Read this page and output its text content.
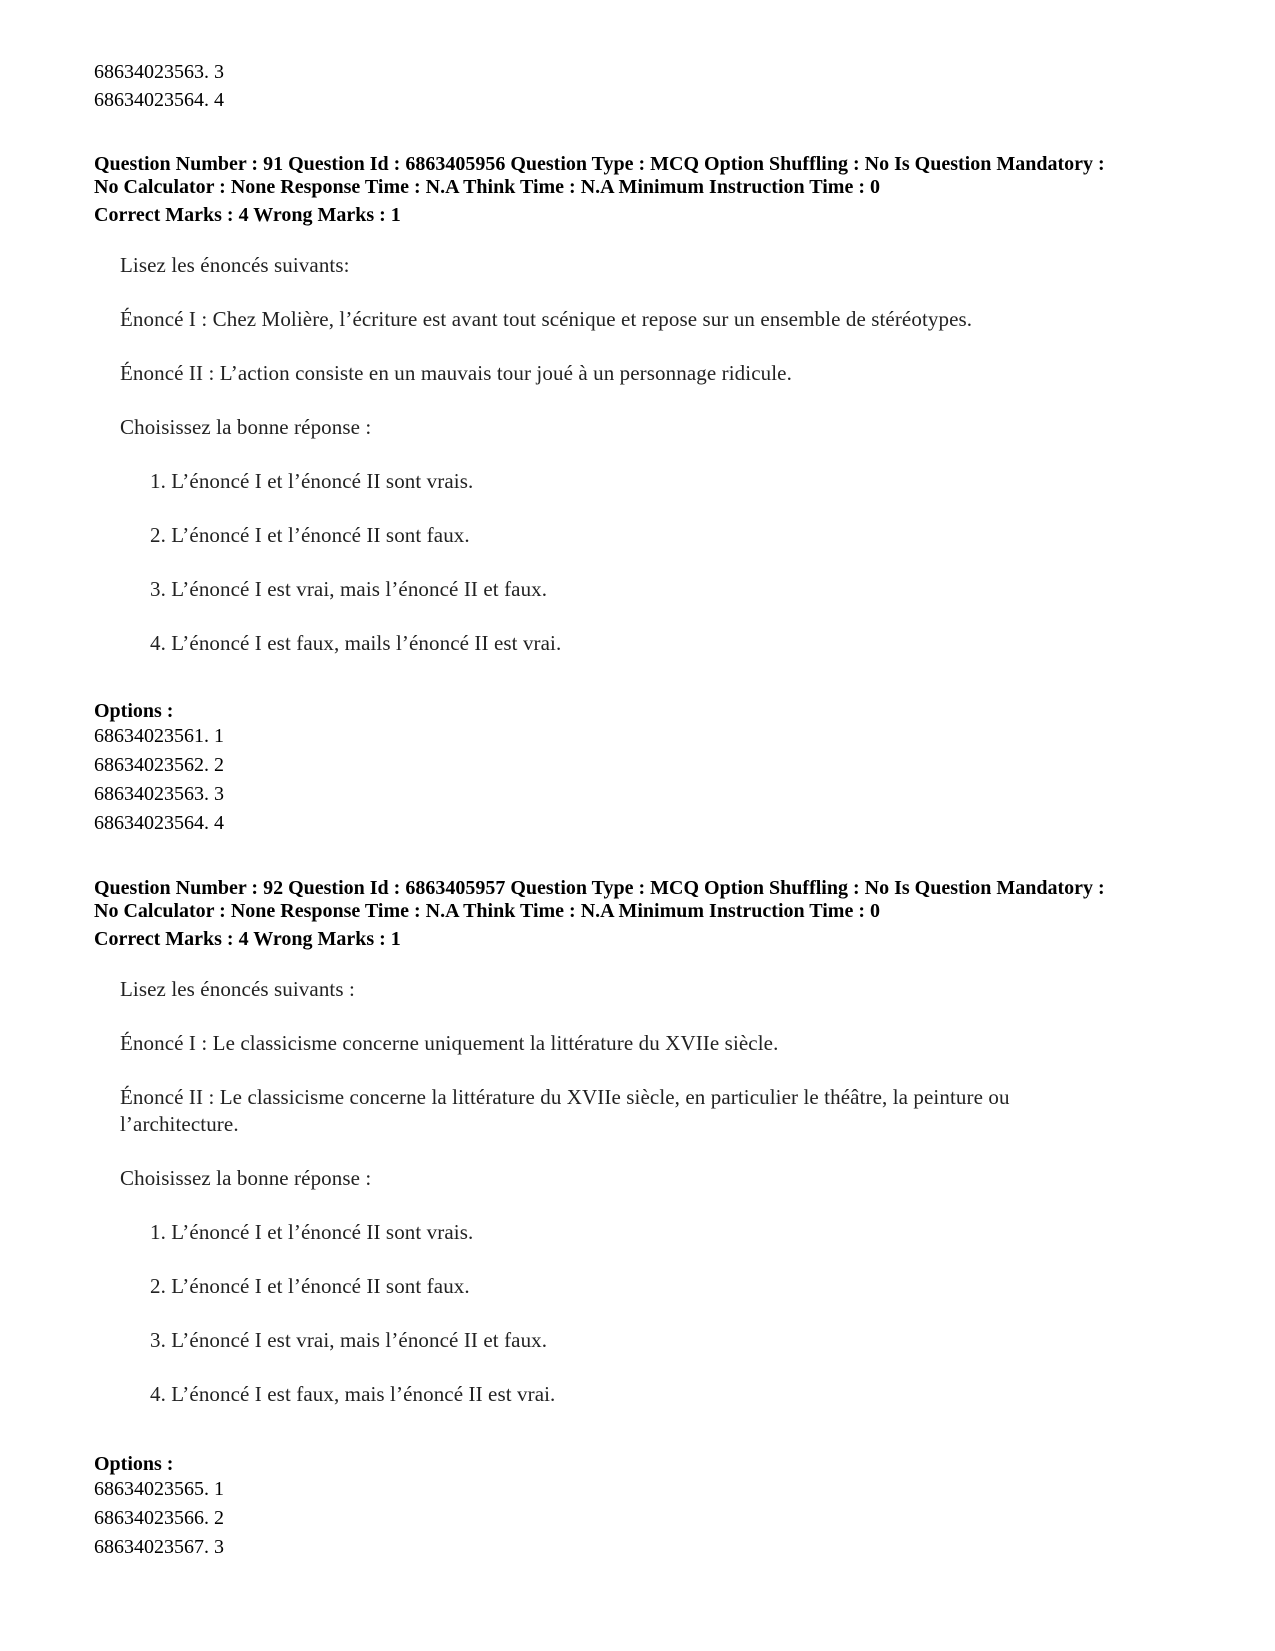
68634023563. 3
68634023564. 4
Question Number : 91 Question Id : 6863405956 Question Type : MCQ Option Shuffling : No Is Question Mandatory :
No Calculator : None Response Time : N.A Think Time : N.A Minimum Instruction Time : 0
Correct Marks : 4 Wrong Marks : 1
Lisez les énoncés suivants:
Énoncé I : Chez Molière, l’écriture est avant tout scénique et repose sur un ensemble de stéréotypes.
Énoncé II : L’action consiste en un mauvais tour joué à un personnage ridicule.
Choisissez la bonne réponse :
1. L’énoncé I et l’énoncé II sont vrais.
2. L’énoncé I et l’énoncé II sont faux.
3. L’énoncé I est vrai, mais l’énoncé II et faux.
4. L’énoncé I est faux, mails l’énoncé II est vrai.
Options :
68634023561. 1
68634023562. 2
68634023563. 3
68634023564. 4
Question Number : 92 Question Id : 6863405957 Question Type : MCQ Option Shuffling : No Is Question Mandatory :
No Calculator : None Response Time : N.A Think Time : N.A Minimum Instruction Time : 0
Correct Marks : 4 Wrong Marks : 1
Lisez les énoncés suivants :
Énoncé I : Le classicisme concerne uniquement la littérature du XVIIe siècle.
Énoncé II : Le classicisme concerne la littérature du XVIIe siècle, en particulier le théâtre, la peinture ou
l’architecture.
Choisissez la bonne réponse :
1. L’énoncé I et l’énoncé II sont vrais.
2. L’énoncé I et l’énoncé II sont faux.
3. L’énoncé I est vrai, mais l’énoncé II et faux.
4. L’énoncé I est faux, mais l’énoncé II est vrai.
Options :
68634023565. 1
68634023566. 2
68634023567. 3
